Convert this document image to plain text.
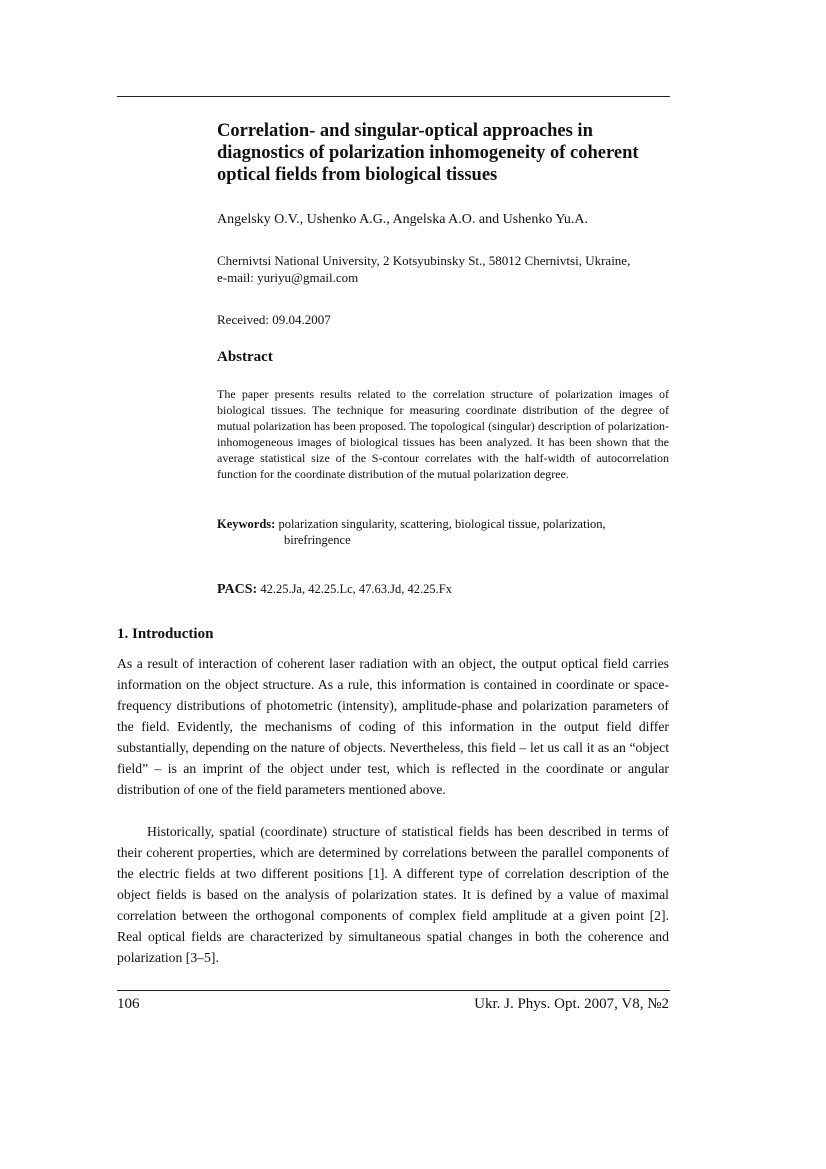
Correlation- and singular-optical approaches in
diagnostics of polarization inhomogeneity of coherent
optical fields from biological tissues
Angelsky O.V., Ushenko A.G., Angelska A.O. and Ushenko Yu.A.
Chernivtsi National University, 2 Kotsyubinsky St., 58012 Chernivtsi, Ukraine,
e-mail: yuriyu@gmail.com
Received: 09.04.2007
Abstract

The paper presents results related to the correlation structure of polarization images of biological tissues. The technique for measuring coordinate distribution of the degree of mutual polarization has been proposed. The topological (singular) description of polarization-inhomogeneous images of biological tissues has been analyzed. It has been shown that the average statistical size of the S-contour correlates with the half-width of autocorrelation function for the coordinate distribution of the mutual polarization degree.

Keywords: polarization singularity, scattering, biological tissue, polarization,
birefringence
PACS: 42.25.Ja, 42.25.Lc, 47.63.Jd, 42.25.Fx
1. Introduction

As a result of interaction of coherent laser radiation with an object, the output optical field carries information on the object structure. As a rule, this information is contained in coordinate or space-frequency distributions of photometric (intensity), amplitude-phase and polarization parameters of the field. Evidently, the mechanisms of coding of this information in the output field differ substantially, depending on the nature of objects. Nevertheless, this field – let us call it as an “object field” – is an imprint of the object under test, which is reflected in the coordinate or angular distribution of one of the field parameters mentioned above.

Historically, spatial (coordinate) structure of statistical fields has been described in terms of their coherent properties, which are determined by correlations between the parallel components of the electric fields at two different positions [1]. A different type of correlation description of the object fields is based on the analysis of polarization states. It is defined by a value of maximal correlation between the orthogonal components of complex field amplitude at a given point [2]. Real optical fields are characterized by simultaneous spatial changes in both the coherence and polarization [3–5].

106	Ukr. J. Phys. Opt. 2007, V8, №2
